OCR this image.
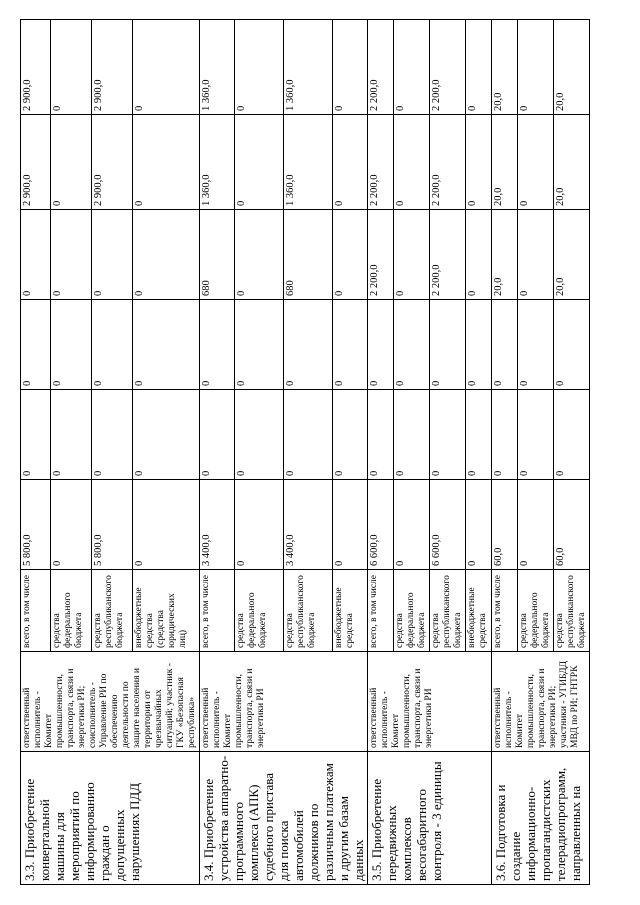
3.3. Приобретение конвертальной машины для мероприятий по информированию граждан о допущенных нарушениях ПДД	ответственный исполнитель - Комитет промышленности, транспорта, связи и энергетики РИ; соисполнитель - Управление РИ по обеспечению деятельности по защите населения и территории от чрезвычайных ситуаций; участник - ГКУ «Безопасная республика»	всего, в том числе	5 800,0	0	0	0	2 900,0	2 900,0
		средства федерального бюджета	0	0	0	0	0	0
		средства республиканского бюджета	5 800,0	0	0	0	2 900,0	2 900,0
		внебюджетные средства (средства юридических лиц)	0	0	0	0	0	0
3.4. Приобретение устройства аппаратно-программного комплекса (АПК) судебного пристава для поиска автомобилей должников по различным платежам и другим базам данных	ответственный исполнитель - Комитет промышленности, транспорта, связи и энергетики РИ	всего, в том числе	3 400,0	0	0	680	1 360,0	1 360,0
		средства федерального бюджета	0	0	0	0	0	0
		средства республиканского бюджета	3 400,0	0	0	680	1 360,0	1 360,0
		внебюджетные средства	0	0	0	0	0	0
3.5. Приобретение передвижных комплексов весогабаритного контроля - 3 единицы	ответственный исполнитель - Комитет промышленности, транспорта, связи и энергетики РИ	всего, в том числе	6 600,0	0	0	2 200,0	2 200,0	2 200,0
		средства федерального бюджета	0	0	0	0	0	0
		средства республиканского бюджета	6 600,0	0	0	2 200,0	2 200,0	2 200,0
		внебюджетные средства	0	0	0	0	0	0
3.6. Подготовка и создание информационно-пропагандистских телерадиопрограмм, направленных на	ответственный исполнитель - Комитет промышленности, транспорта, связи и энергетики РИ; участники - УГИБДД МВД по РИ; ГНТРК	всего, в том числе	60,0	0	0	20,0	20,0	20,0
		средства федерального бюджета	0	0	0	0	0	0
		средства республиканского бюджета	60,0	0	0	20,0	20,0	20,0
